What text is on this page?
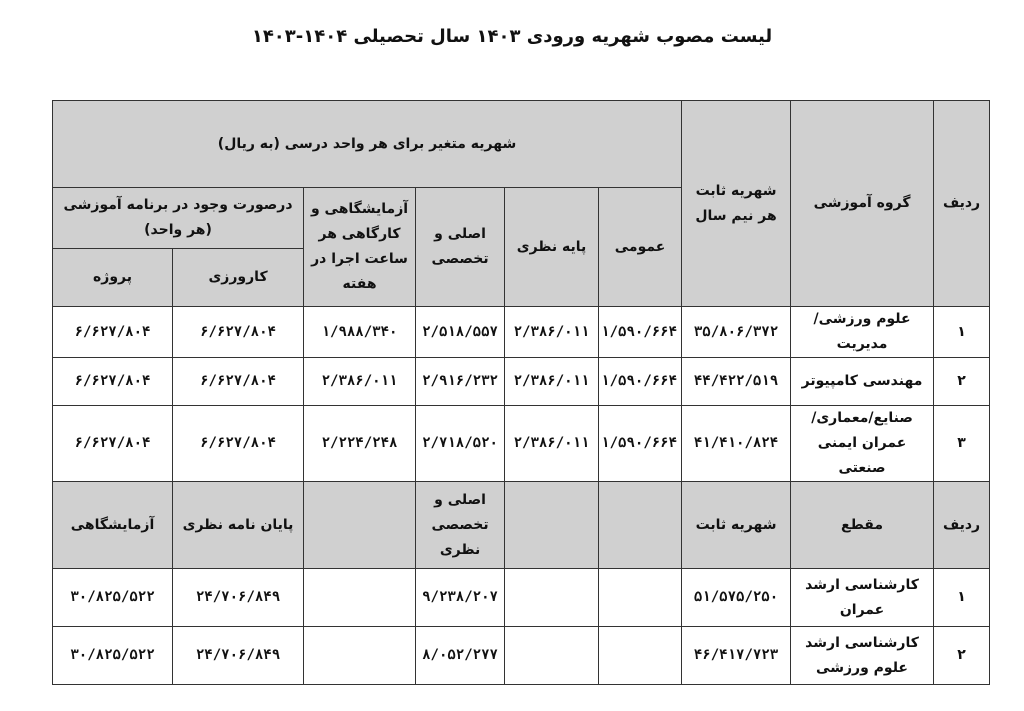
لیست مصوب شهریه ورودی ۱۴۰۳ سال تحصیلی ۱۴۰۴-۱۴۰۳
ردیف	گروه آموزشی	شهریه ثابت هر نیم سال	شهریه متغیر برای هر واحد درسی (به ریال)					
			عمومی	پایه نظری	اصلی و تخصصی	آزمایشگاهی و کارگاهی هر ساعت اجرا در هفته	درصورت وجود در برنامه آموزشی (هر واحد)	
							کارورزی	پروژه
۱	علوم ورزشی/مدیریت	۳۵/۸۰۶/۳۷۲	۱/۵۹۰/۶۶۴	۲/۳۸۶/۰۱۱	۲/۵۱۸/۵۵۷	۱/۹۸۸/۳۴۰	۶/۶۲۷/۸۰۴	۶/۶۲۷/۸۰۴
۲	مهندسی کامپیوتر	۴۴/۴۲۲/۵۱۹	۱/۵۹۰/۶۶۴	۲/۳۸۶/۰۱۱	۲/۹۱۶/۲۳۲	۲/۳۸۶/۰۱۱	۶/۶۲۷/۸۰۴	۶/۶۲۷/۸۰۴
۳	صنایع/معماری/عمران ایمنی صنعتی	۴۱/۴۱۰/۸۲۴	۱/۵۹۰/۶۶۴	۲/۳۸۶/۰۱۱	۲/۷۱۸/۵۲۰	۲/۲۲۴/۲۴۸	۶/۶۲۷/۸۰۴	۶/۶۲۷/۸۰۴
ردیف	مقطع	شهریه ثابت			اصلی و تخصصی نظری		پایان نامه نظری	آزمایشگاهی
۱	کارشناسی ارشد عمران	۵۱/۵۷۵/۲۵۰			۹/۲۳۸/۲۰۷		۲۴/۷۰۶/۸۴۹	۳۰/۸۲۵/۵۲۲
۲	کارشناسی ارشد علوم ورزشی	۴۶/۴۱۷/۷۲۳			۸/۰۵۲/۲۷۷		۲۴/۷۰۶/۸۴۹	۳۰/۸۲۵/۵۲۲
